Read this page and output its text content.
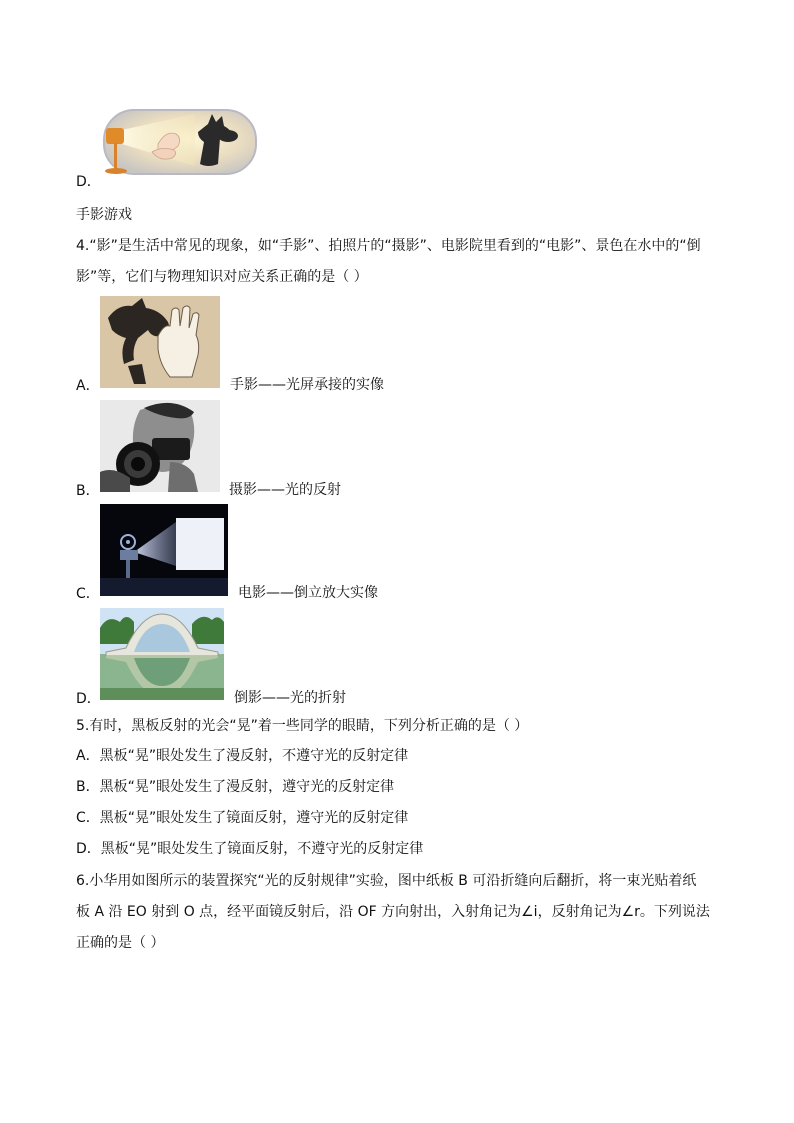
D．
手影游戏
4.“影”是生活中常见的现象，如“手影”、拍照片的“摄影”、电影院里看到的“电影”、景色在水中的“倒
影”等，它们与物理知识对应关系正确的是（ ）
A．	手影——光屏承接的实像
B．	摄影——光的反射
C．	电影——倒立放大实像
D．	倒影——光的折射
5.有时，黑板反射的光会“晃”着一些同学的眼睛，下列分析正确的是（ ）
A．黑板“晃”眼处发生了漫反射，不遵守光的反射定律
B．黑板“晃”眼处发生了漫反射，遵守光的反射定律
C．黑板“晃”眼处发生了镜面反射，遵守光的反射定律
D．黑板“晃”眼处发生了镜面反射，不遵守光的反射定律
6.小华用如图所示的装置探究“光的反射规律”实验，图中纸板 B 可沿折缝向后翻折，将一束光贴着纸
板 A 沿 EO 射到 O 点，经平面镜反射后，沿 OF 方向射出，入射角记为∠i，反射角记为∠r。下列说法
正确的是（ ）
